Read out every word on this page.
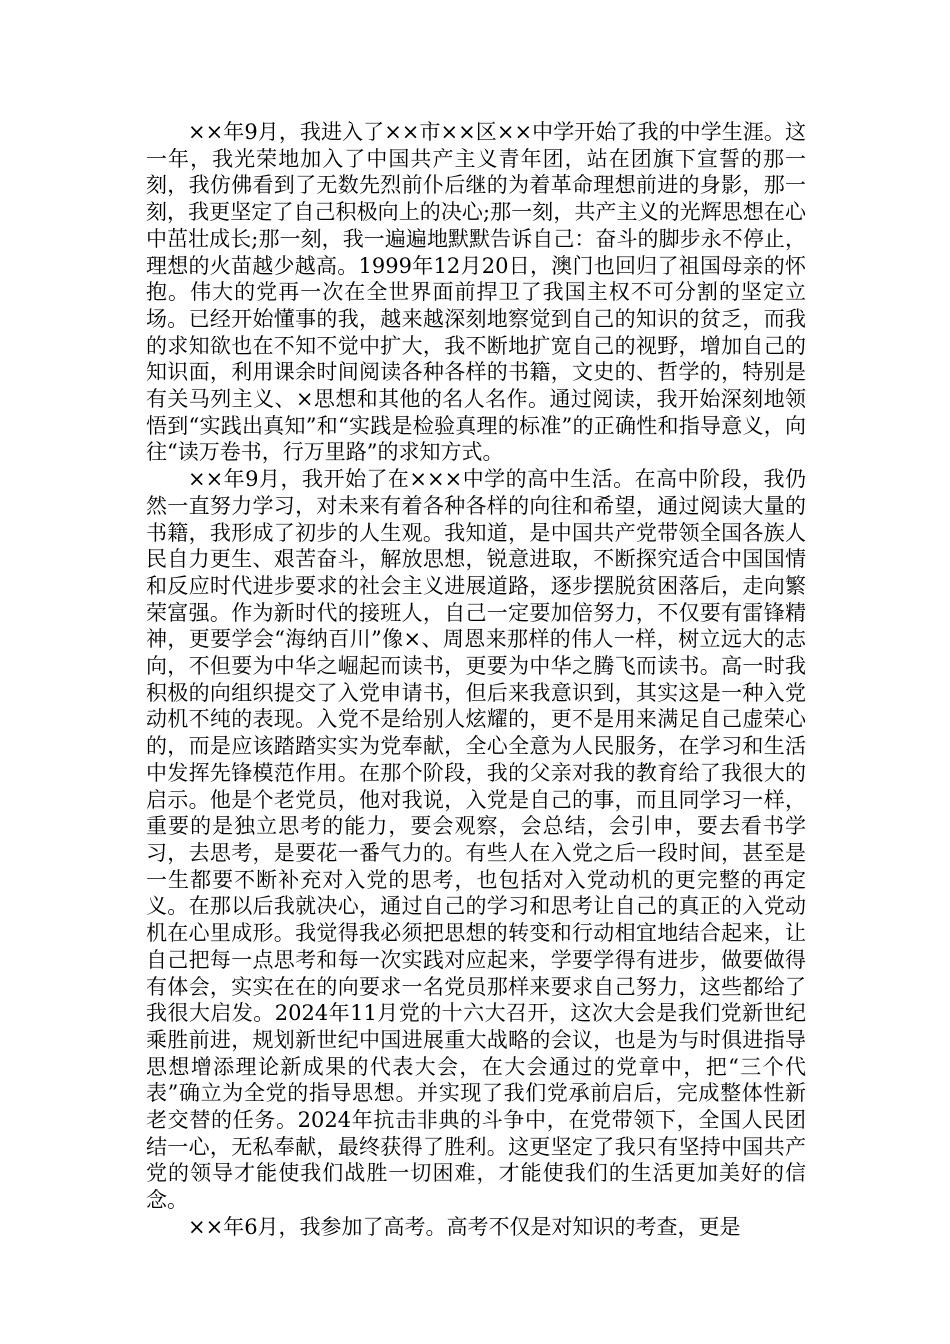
××年9月，我进入了××市××区××中学开始了我的中学生涯。这一年，我光荣地加入了中国共产主义青年团，站在团旗下宣誓的那一刻，我仿佛看到了无数先烈前仆后继的为着革命理想前进的身影，那一刻，我更坚定了自己积极向上的决心;那一刻，共产主义的光辉思想在心中茁壮成长;那一刻，我一遍遍地默默告诉自己：奋斗的脚步永不停止，理想的火苗越少越高。1999年12月20日，澳门也回归了祖国母亲的怀抱。伟大的党再一次在全世界面前捍卫了我国主权不可分割的坚定立场。已经开始懂事的我，越来越深刻地察觉到自己的知识的贫乏，而我的求知欲也在不知不觉中扩大，我不断地扩宽自己的视野，增加自己的知识面，利用课余时间阅读各种各样的书籍，文史的、哲学的，特别是有关马列主义、×思想和其他的名人名作。通过阅读，我开始深刻地领悟到“实践出真知”和“实践是检验真理的标准”的正确性和指导意义，向往“读万卷书，行万里路”的求知方式。

××年9月，我开始了在×××中学的高中生活。在高中阶段，我仍然一直努力学习，对未来有着各种各样的向往和希望，通过阅读大量的书籍，我形成了初步的人生观。我知道，是中国共产党带领全国各族人民自力更生、艰苦奋斗，解放思想，锐意进取，不断探究适合中国国情和反应时代进步要求的社会主义进展道路，逐步摆脱贫困落后，走向繁荣富强。作为新时代的接班人，自己一定要加倍努力，不仅要有雷锋精神，更要学会“海纳百川”像×、周恩来那样的伟人一样，树立远大的志向，不但要为中华之崛起而读书，更要为中华之腾飞而读书。高一时我积极的向组织提交了入党申请书，但后来我意识到，其实这是一种入党动机不纯的表现。入党不是给别人炫耀的，更不是用来满足自己虚荣心的，而是应该踏踏实实为党奉献，全心全意为人民服务，在学习和生活中发挥先锋模范作用。在那个阶段，我的父亲对我的教育给了我很大的启示。他是个老党员，他对我说，入党是自己的事，而且同学习一样，重要的是独立思考的能力，要会观察，会总结，会引申，要去看书学习，去思考，是要花一番气力的。有些人在入党之后一段时间，甚至是一生都要不断补充对入党的思考，也包括对入党动机的更完整的再定义。在那以后我就决心，通过自己的学习和思考让自己的真正的入党动机在心里成形。我觉得我必须把思想的转变和行动相宜地结合起来，让自己把每一点思考和每一次实践对应起来，学要学得有进步，做要做得有体会，实实在在的向要求一名党员那样来要求自己努力，这些都给了我很大启发。2024年11月党的十六大召开，这次大会是我们党新世纪乘胜前进，规划新世纪中国进展重大战略的会议，也是为与时俱进指导思想增添理论新成果的代表大会，在大会通过的党章中，把“三个代表”确立为全党的指导思想。并实现了我们党承前启后，完成整体性新老交替的任务。2024年抗击非典的斗争中，在党带领下，全国人民团结一心，无私奉献，最终获得了胜利。这更坚定了我只有坚持中国共产党的领导才能使我们战胜一切困难，才能使我们的生活更加美好的信念。

××年6月，我参加了高考。高考不仅是对知识的考查，更是
